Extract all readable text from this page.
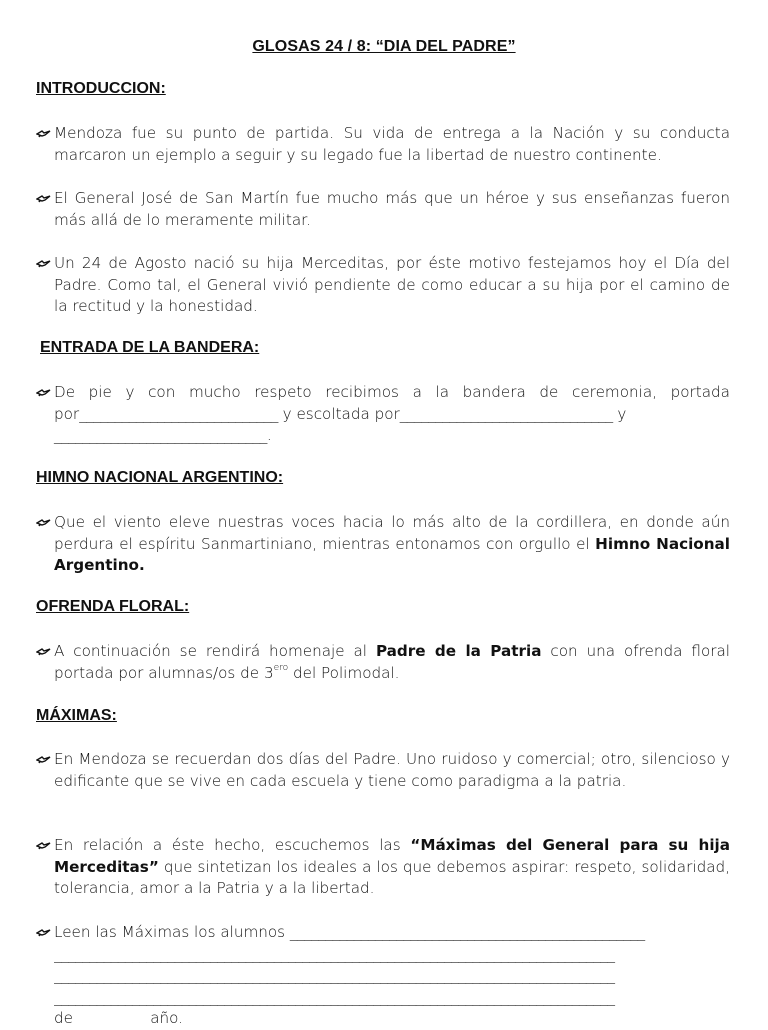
GLOSAS 24 / 8: “DIA DEL PADRE”
INTRODUCCION:
Mendoza fue su punto de partida. Su vida de entrega a la Nación y su conducta marcaron un ejemplo a seguir y su legado fue la libertad de nuestro continente.
El General José de San Martín fue mucho más que un héroe y sus enseñanzas fueron más allá de lo meramente militar.
Un 24 de Agosto nació su hija Merceditas, por éste motivo festejamos hoy el Día del Padre. Como tal, el General vivió pendiente de como educar a su hija por el camino de la rectitud y la honestidad.
ENTRADA DE LA BANDERA:
De pie y con mucho respeto recibimos a la bandera de ceremonia, portada por____________________________ y escoltada por______________________________ y
______________________________.
HIMNO NACIONAL ARGENTINO:
Que el viento eleve nuestras voces hacia lo más alto de la cordillera, en donde aún perdura el espíritu Sanmartiniano, mientras entonamos con orgullo el Himno Nacional Argentino.
OFRENDA FLORAL:
A continuación se rendirá homenaje al Padre de la Patria con una ofrenda floral portada por alumnas/os de $3^{ero}$ del Polimodal.
MÁXIMAS:
En Mendoza se recuerdan dos días del Padre. Uno ruidoso y comercial; otro, silencioso y edificante que se vive en cada escuela y tiene como paradigma a la patria.
En relación a éste hecho, escuchemos las “Máximas del General para su hija Merceditas” que sintetizan los ideales a los que debemos aspirar: respeto, solidaridad, tolerancia, amor a la Patria y a la libertad.
Leen las Máximas los alumnos __________________________________________________
_______________________________________________________________________________
_______________________________________________________________________________
_______________________________________________________________________________
de                año.
